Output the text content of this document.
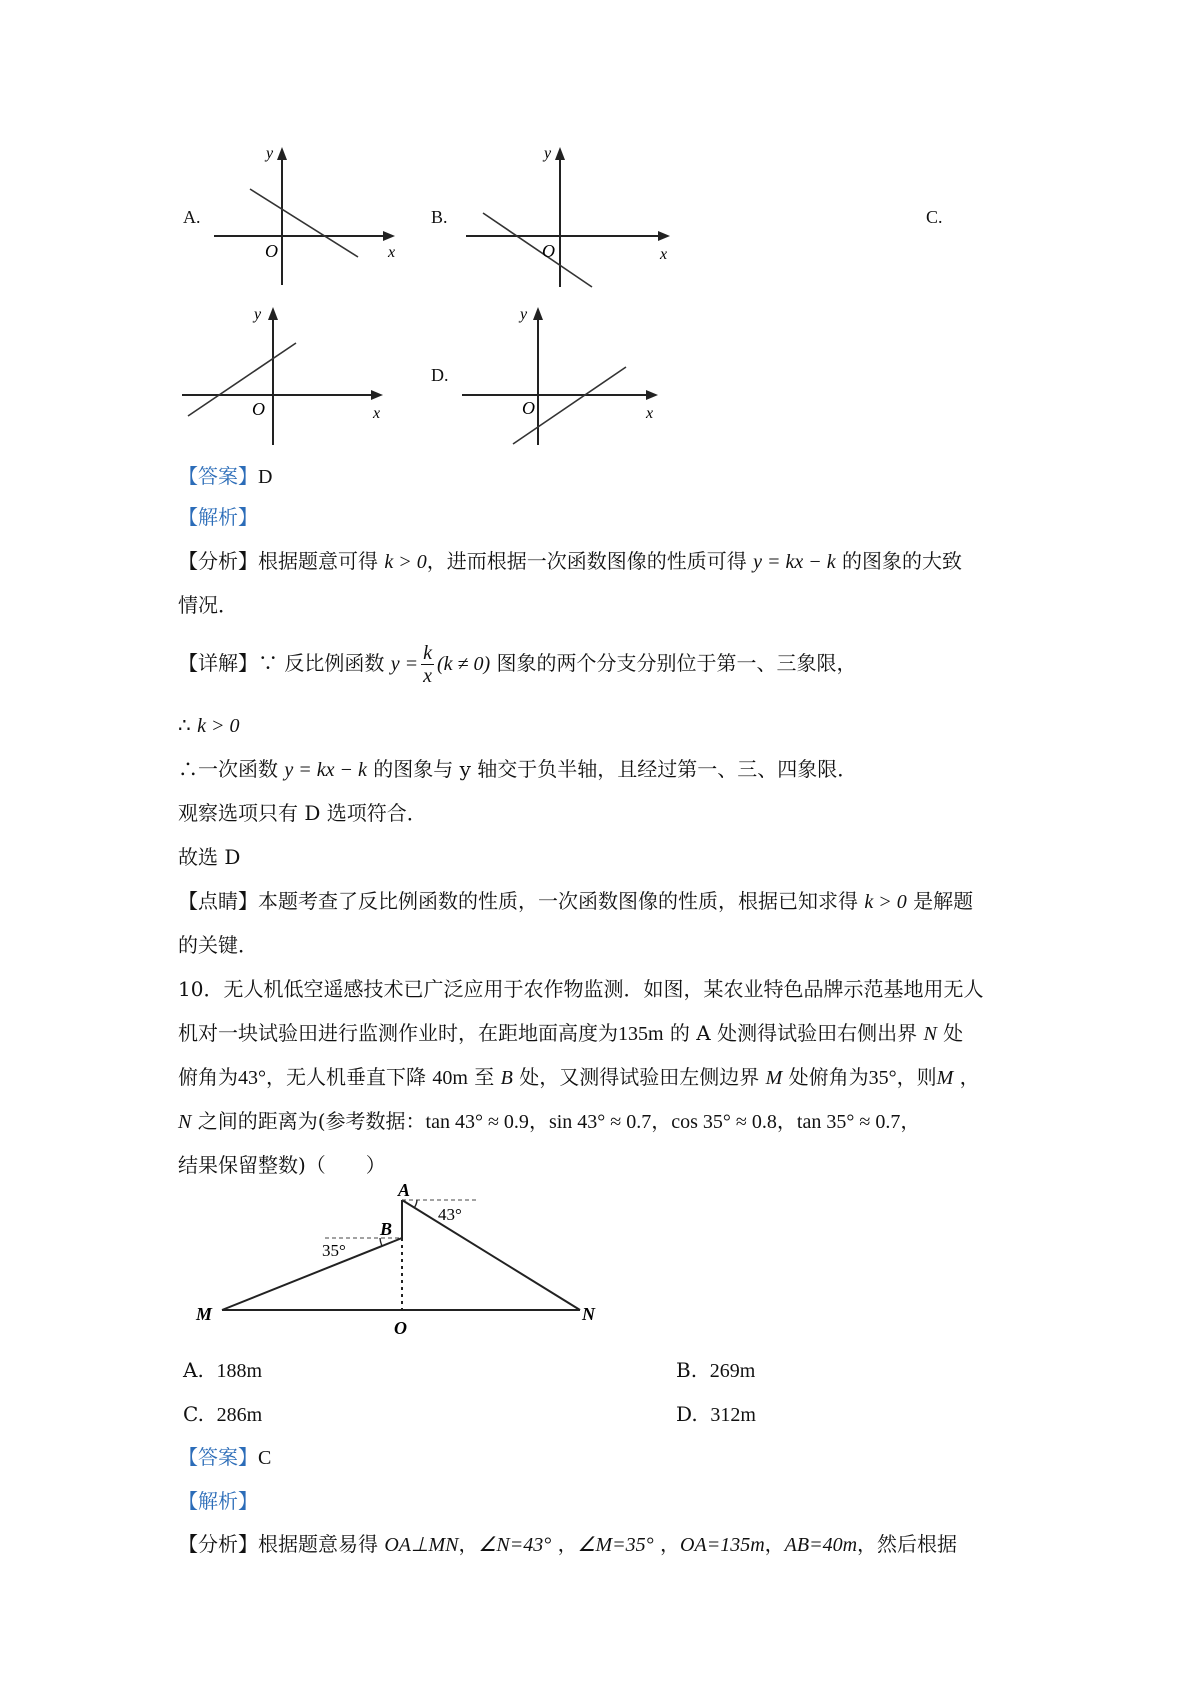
A.
y
x
O
B.
y
x
O
C.
y
x
O
D.
y
x
O
【答案】D
【解析】
【分析】根据题意可得 k > 0，进而根据一次函数图像的性质可得 y = kx − k 的图象的大致
情况．
【详解】∵ 反比例函数 $y = \frac{k}{x} (k \ne 0)$ 图象的两个分支分别位于第一、三象限，
∴ k > 0
∴一次函数 y = kx − k 的图象与 y 轴交于负半轴，且经过第一、三、四象限．
观察选项只有 D 选项符合．
故选 D
【点睛】本题考查了反比例函数的性质，一次函数图像的性质，根据已知求得 k > 0 是解题
的关键．
10．无人机低空遥感技术已广泛应用于农作物监测．如图，某农业特色品牌示范基地用无人
机对一块试验田进行监测作业时，在距地面高度为135m 的 A 处测得试验田右侧出界 N 处
俯角为43°，无人机垂直下降 40m 至 B 处，又测得试验田左侧边界 M 处俯角为35°，则M ，
N 之间的距离为(参考数据：tan 43° ≈ 0.9，sin 43° ≈ 0.7，cos 35° ≈ 0.8，tan 35° ≈ 0.7，
结果保留整数)（　　）
A
B
M
O
N
43°
35°
A. 188m	B. 269m
C. 286m	D. 312m
【答案】C
【解析】
【分析】根据题意易得 OA⊥MN，∠N=43° ，∠M=35° ，OA=135m，AB=40m，然后根据
